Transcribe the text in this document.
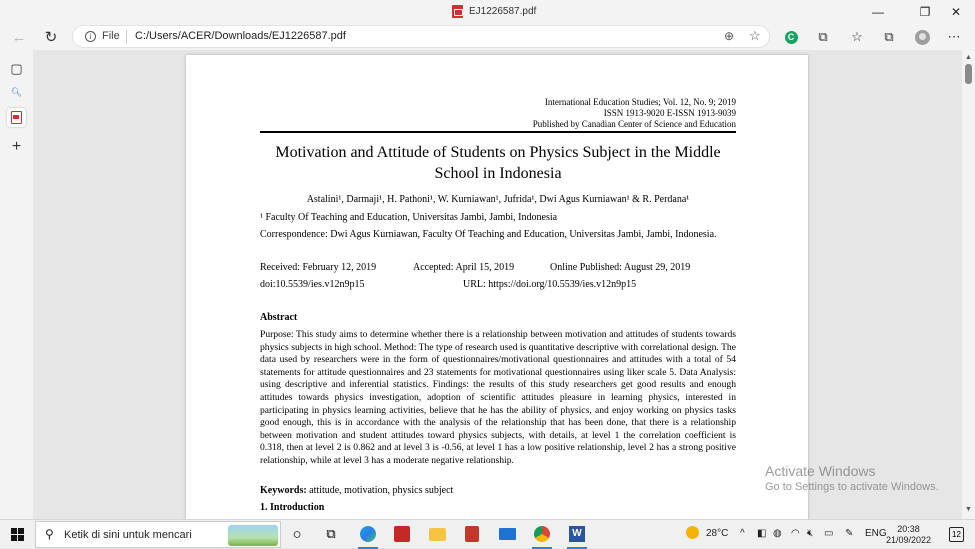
EJ1226587.pdf	—	❐	✕
← ↻	i File C:/Users/ACER/Downloads/EJ1226587.pdf	⊕ ☆	C	⧉	☆	⧉	⋯
▢
🔍︎
+
International Education Studies; Vol. 12, No. 9; 2019
ISSN 1913-9020 E-ISSN 1913-9039
Published by Canadian Center of Science and Education
Motivation and Attitude of Students on Physics Subject in the Middle
School in Indonesia
Astalini¹, Darmaji¹, H. Pathoni¹, W. Kurniawan¹, Jufrida¹, Dwi Agus Kurniawan¹ & R. Perdana¹
¹ Faculty Of Teaching and Education, Universitas Jambi, Jambi, Indonesia
Correspondence: Dwi Agus Kurniawan, Faculty Of Teaching and Education, Universitas Jambi, Jambi, Indonesia.
Received: February 12, 2019	Accepted: April 15, 2019	Online Published: August 29, 2019
doi:10.5539/ies.v12n9p15	URL: https://doi.org/10.5539/ies.v12n9p15
Abstract
Purpose: This study aims to determine whether there is a relationship between motivation and attitudes of students towards physics subjects in high school. Method: The type of research used is quantitative descriptive with correlational design. The data used by researchers were in the form of questionnaires/motivational questionnaires and attitudes with a total of 54 statements for attitude questionnaires and 23 statements for motivational questionnaires using liker scale 5. Data Analysis: using descriptive and inferential statistics. Findings: the results of this study researchers get good results and enough attitudes towards physics investigation, adoption of scientific attitudes pleasure in learning physics, interested in participating in physics learning activities, believe that he has the ability of physics, and enjoy working on physics tasks good enough, this is in accordance with the analysis of the relationship that has been done, that there is a relationship between motivation and student attitudes toward physics subjects, with details, at level 1 the correlation coefficient is 0.318, then at level 2 is 0.862 and at level 3 is -0.56, at level 1 has a low positive relationship, level 2 has a strong positive relationship, while at level 3 has a moderate negative relationship.
Keywords: attitude, motivation, physics subject
1. Introduction
▲
▼
Activate Windows
Go to Settings to activate Windows.
⚲ Ketik di sini untuk mencari	○	⧉	W	28°C ^ ◧ ◍ ◠ 🔇︎ ▭ ✎ ENG	20:38
21/09/2022
12
